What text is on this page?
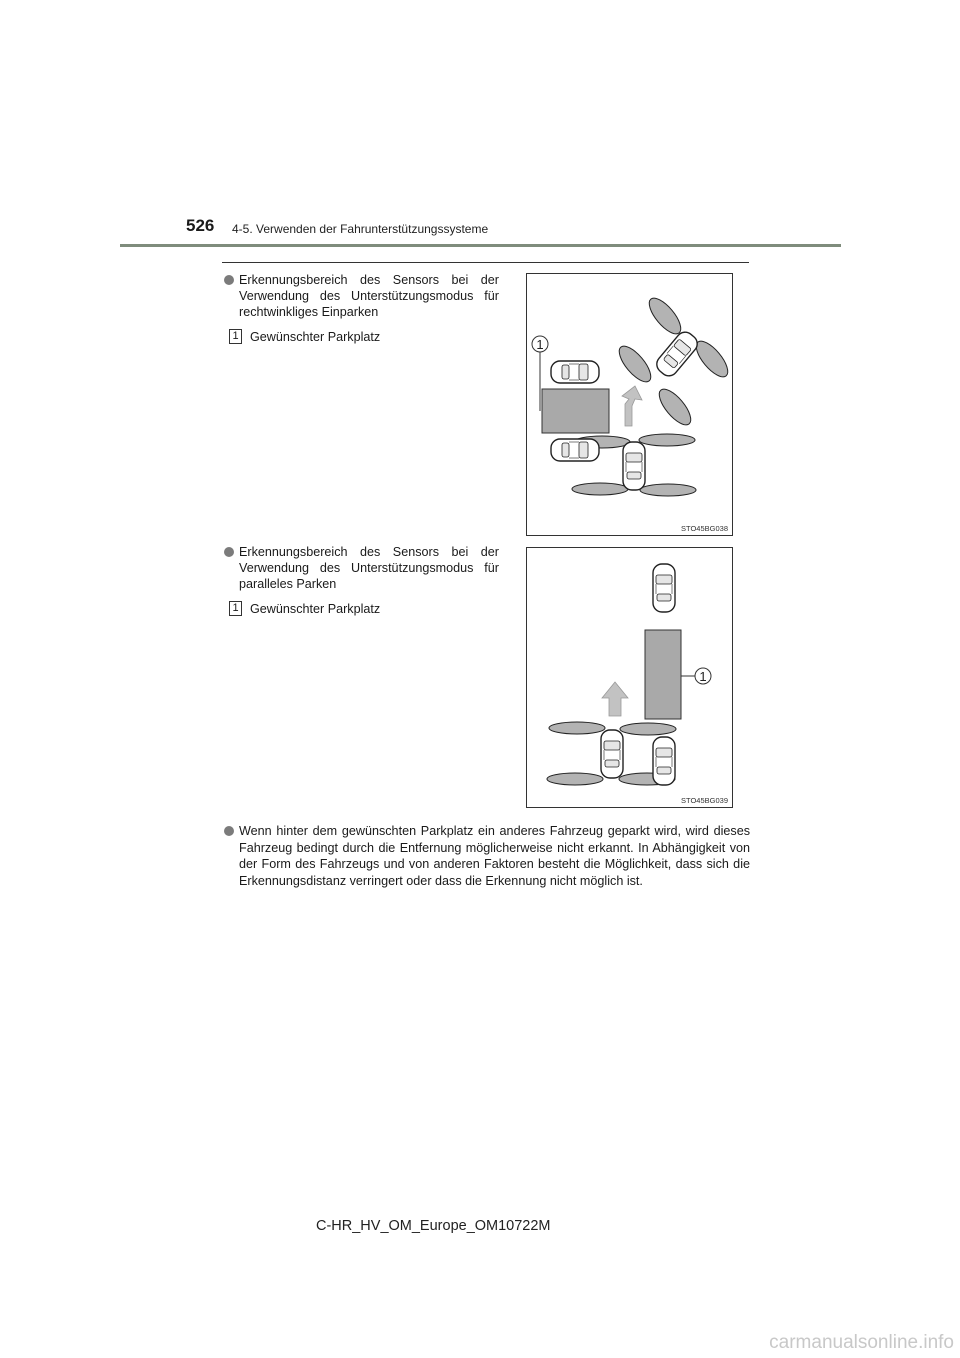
526 4-5. Verwenden der Fahrunterstützungssysteme
Erkennungsbereich des Sensors bei der Verwendung des Unterstützungsmodus für rechtwinkliges Einparken
1 Gewünschter Parkplatz
1
STO45BG038
Erkennungsbereich des Sensors bei der Verwendung des Unterstützungsmodus für paralleles Parken
1 Gewünschter Parkplatz
1
STO45BG039
Wenn hinter dem gewünschten Parkplatz ein anderes Fahrzeug geparkt wird, wird dieses Fahrzeug bedingt durch die Entfernung möglicherweise nicht erkannt. In Abhängigkeit von der Form des Fahrzeugs und von anderen Faktoren besteht die Möglichkeit, dass sich die Erkennungsdistanz verringert oder dass die Erkennung nicht möglich ist.
C-HR_HV_OM_Europe_OM10722M
carmanualsonline.info
